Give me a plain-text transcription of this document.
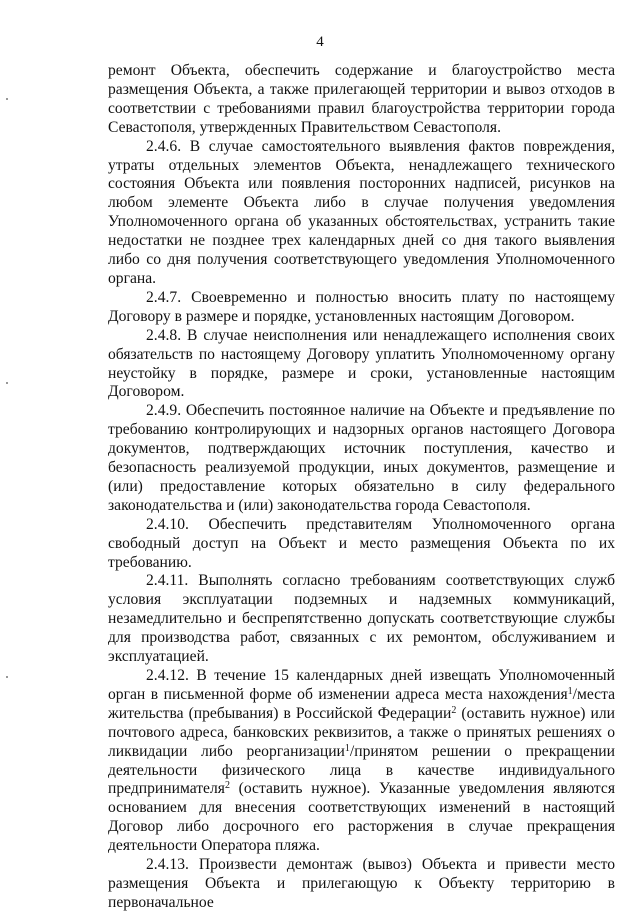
4

ремонт Объекта, обеспечить содержание и благоустройство места размещения Объекта, а также прилегающей территории и вывоз отходов в соответствии с требованиями правил благоустройства территории города Севастополя, утвержденных Правительством Севастополя.

2.4.6. В случае самостоятельного выявления фактов повреждения, утраты отдельных элементов Объекта, ненадлежащего технического состояния Объекта или появления посторонних надписей, рисунков на любом элементе Объекта либо в случае получения уведомления Уполномоченного органа об указанных обстоятельствах, устранить такие недостатки не позднее трех календарных дней со дня такого выявления либо со дня получения соответствующего уведомления Уполномоченного органа.

2.4.7. Своевременно и полностью вносить плату по настоящему Договору в размере и порядке, установленных настоящим Договором.

2.4.8. В случае неисполнения или ненадлежащего исполнения своих обязательств по настоящему Договору уплатить Уполномоченному органу неустойку в порядке, размере и сроки, установленные настоящим Договором.

2.4.9. Обеспечить постоянное наличие на Объекте и предъявление по требованию контролирующих и надзорных органов настоящего Договора документов, подтверждающих источник поступления, качество и безопасность реализуемой продукции, иных документов, размещение и (или) предоставление которых обязательно в силу федерального законодательства и (или) законодательства города Севастополя.

2.4.10. Обеспечить представителям Уполномоченного органа свободный доступ на Объект и место размещения Объекта по их требованию.

2.4.11. Выполнять согласно требованиям соответствующих служб условия эксплуатации подземных и надземных коммуникаций, незамедлительно и беспрепятственно допускать соответствующие службы для производства работ, связанных с их ремонтом, обслуживанием и эксплуатацией.

2.4.12. В течение 15 календарных дней извещать Уполномоченный орган в письменной форме об изменении адреса места нахождения$^1$/места жительства (пребывания) в Российской Федерации$^2$ (оставить нужное) или почтового адреса, банковских реквизитов, а также о принятых решениях о ликвидации либо реорганизации$^1$/принятом решении о прекращении деятельности физического лица в качестве индивидуального предпринимателя$^2$ (оставить нужное). Указанные уведомления являются основанием для внесения соответствующих изменений в настоящий Договор либо досрочного его расторжения в случае прекращения деятельности Оператора пляжа.

2.4.13. Произвести демонтаж (вывоз) Объекта и привести место размещения Объекта и прилегающую к Объекту территорию в первоначальное
